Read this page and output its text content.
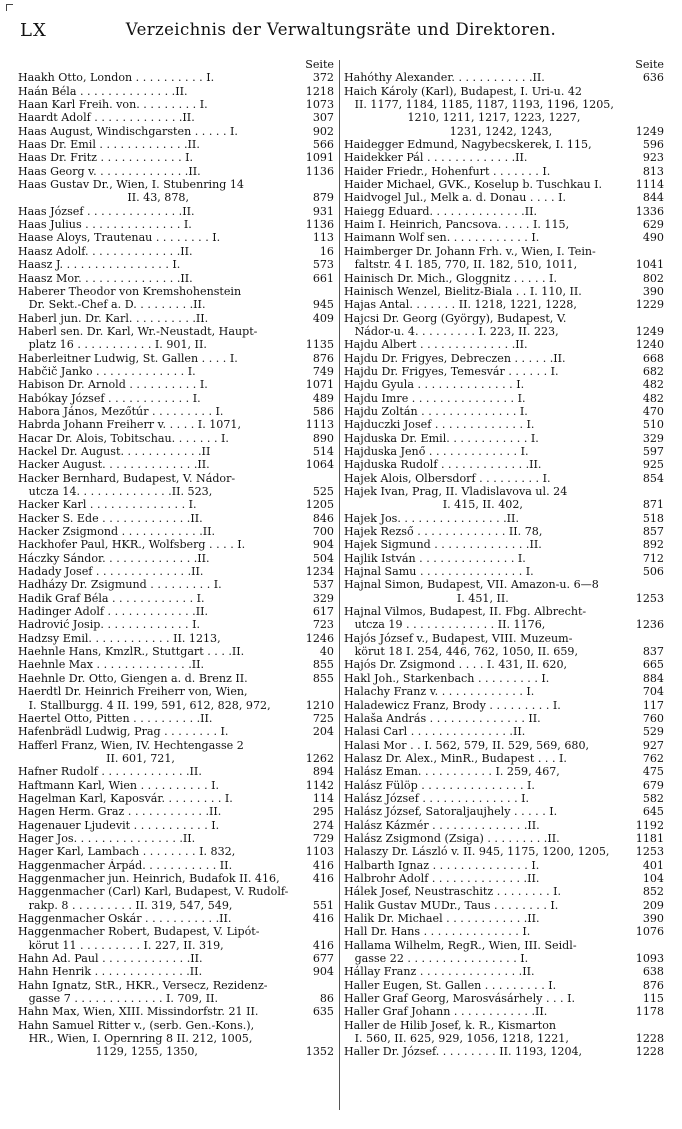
LX	Verzeichnis der Verwaltungsräte und Direktoren.
Seite
Haakh Otto, London . . . . . . . . . . I.	372
Haán Béla . . . . . . . . . . . . . .II.	1218
Haan Karl Freih. von. . . . . . . . . I.	1073
Haardt Adolf . . . . . . . . . . . . .II.	307
Haas August, Windischgarsten . . . . . I.	902
Haas Dr. Emil . . . . . . . . . . . . .II.	566
Haas Dr. Fritz . . . . . . . . . . . . I.	1091
Haas Georg v. . . . . . . . . . . . . .II.	1136
Haas Gustav Dr., Wien, I. Stubenring 14
II. 43, 878,	879
Haas József . . . . . . . . . . . . . .II.	931
Haas Julius . . . . . . . . . . . . . . I.	1136
Haase Aloys, Trautenau . . . . . . . . I.	113
Haasz Adolf. . . . . . . . . . . . . .II.	16
Haasz J. . . . . . . . . . . . . . . . I.	573
Haasz Mor. . . . . . . . . . . . . . .II.	661
Haberer Theodor von Kremshohenstein
Dr. Sekt.-Chef a. D. . . . . . . . .II.	945
Haberl jun. Dr. Karl. . . . . . . . . .II.	409
Haberl sen. Dr. Karl, Wr.-Neustadt, Haupt-
platz 16 . . . . . . . . . . . I. 901, II.	1135
Haberleitner Ludwig, St. Gallen . . . . I.	876
Habčič Janko . . . . . . . . . . . . . I.	749
Habison Dr. Arnold . . . . . . . . . . I.	1071
Habókay József . . . . . . . . . . . . I.	489
Habora János, Mezőtúr . . . . . . . . . I.	586
Habrda Johann Freiherr v. . . . . I. 1071,	1113
Hacar Dr. Alois, Tobitschau. . . . . . . I.	890
Hackel Dr. August. . . . . . . . . . . .II	514
Hacker August. . . . . . . . . . . . . .II.	1064
Hacker Bernhard, Budapest, V. Nádor-
utcza 14. . . . . . . . . . . . . .II. 523,	525
Hacker Karl . . . . . . . . . . . . . . I.	1205
Hacker S. Ede . . . . . . . . . . . . .II.	846
Hacker Zsigmond . . . . . . . . . . . .II.	700
Hackhofer Paul, HKR., Wolfsberg . . . . I.	904
Háczky Sándor. . . . . . . . . . . . . .II.	504
Hadady Josef . . . . . . . . . . . . . .II.	1234
Hadházy Dr. Zsigmund . . . . . . . . . I.	537
Hadik Graf Béla . . . . . . . . . . . . I.	329
Hadinger Adolf . . . . . . . . . . . . .II.	617
Hadrović Josip. . . . . . . . . . . . . I.	723
Hadzsy Emil. . . . . . . . . . . . II. 1213,	1246
Haehnle Hans, KmzlR., Stuttgart . . . .II.	40
Haehnle Max . . . . . . . . . . . . . .II.	855
Haehnle Dr. Otto, Giengen a. d. Brenz II.	855
Haerdtl Dr. Heinrich Freiherr von, Wien,
I. Stallburgg. 4 II. 199, 591, 612, 828, 972,	1210
Haertel Otto, Pitten . . . . . . . . . .II.	725
Hafenbrädl Ludwig, Prag . . . . . . . . I.	204
Hafferl Franz, Wien, IV. Hechtengasse 2
II. 601, 721,	1262
Hafner Rudolf . . . . . . . . . . . . .II.	894
Haftmann Karl, Wien . . . . . . . . . . I.	1142
Hagelman Karl, Kaposvár. . . . . . . . . I.	114
Hagen Herm. Graz . . . . . . . . . . . .II.	295
Hagenauer Ljudevit . . . . . . . . . . . I.	274
Hager Jos. . . . . . . . . . . . . . . .II.	729
Hager Karl, Lambach . . . . . . . . I. 832,	1103
Haggenmacher Árpád. . . . . . . . . . . II.	416
Haggenmacher jun. Heinrich, Budafok II. 416,	416
Haggenmacher (Carl) Karl, Budapest, V. Rudolf-
rakp. 8 . . . . . . . . . II. 319, 547, 549,	551
Haggenmacher Oskár . . . . . . . . . . .II.	416
Haggenmacher Robert, Budapest, V. Lipót-
körut 11 . . . . . . . . . I. 227, II. 319,	416
Hahn Ad. Paul . . . . . . . . . . . . .II.	677
Hahn Henrik . . . . . . . . . . . . . .II.	904
Hahn Ignatz, StR., HKR., Versecz, Rezidenz-
gasse 7 . . . . . . . . . . . . . I. 709, II.	86
Hahn Max, Wien, XIII. Missindorfstr. 21 II.	635
Hahn Samuel Ritter v., (serb. Gen.-Kons.),
HR., Wien, I. Opernring 8 II. 212, 1005,
1129, 1255, 1350,	1352
Seite
Hahóthy Alexander. . . . . . . . . . . .II.	636
Haich Károly (Karl), Budapest, I. Uri-u. 42
II. 1177, 1184, 1185, 1187, 1193, 1196, 1205,
1210, 1211, 1217, 1223, 1227,
1231, 1242, 1243,	1249
Haidegger Edmund, Nagybecskerek, I. 115,	596
Haidekker Pál . . . . . . . . . . . . .II.	923
Haider Friedr., Hohenfurt . . . . . . . I.	813
Haider Michael, GVK., Koselup b. Tuschkau I.	1114
Haidvogel Jul., Melk a. d. Donau . . . . I.	844
Haiegg Eduard. . . . . . . . . . . . . .II.	1336
Haim I. Heinrich, Pancsova. . . . . I. 115,	629
Haimann Wolf sen. . . . . . . . . . . . I.	490
Haimberger Dr. Johann Frh. v., Wien, I. Tein-
faltstr. 4 I. 185, 770, II. 182, 510, 1011,	1041
Hainisch Dr. Mich., Gloggnitz . . . . . I.	802
Hainisch Wenzel, Bielitz-Biala . . I. 110, II.	390
Hajas Antal. . . . . . . II. 1218, 1221, 1228,	1229
Hajcsi Dr. Georg (György), Budapest, V.
Nádor-u. 4. . . . . . . . . I. 223, II. 223,	1249
Hajdu Albert . . . . . . . . . . . . . .II.	1240
Hajdu Dr. Frigyes, Debreczen . . . . . .II.	668
Hajdu Dr. Frigyes, Temesvár . . . . . . I.	682
Hajdu Gyula . . . . . . . . . . . . . . I.	482
Hajdu Imre . . . . . . . . . . . . . . . I.	482
Hajdu Zoltán . . . . . . . . . . . . . . I.	470
Hajduczki Josef . . . . . . . . . . . . . I.	510
Hajduska Dr. Emil. . . . . . . . . . . . I.	329
Hajduska Jenő . . . . . . . . . . . . . I.	597
Hajduska Rudolf . . . . . . . . . . . . .II.	925
Hajek Alois, Olbersdorf . . . . . . . . . I.	854
Hajek Ivan, Prag, II. Vladislavova ul. 24
I. 415, II. 402,	871
Hajek Jos. . . . . . . . . . . . . . . .II.	518
Hajek Rezső . . . . . . . . . . . . . II. 78,	857
Hajek Sigmund . . . . . . . . . . . . . .II.	892
Hajlik István . . . . . . . . . . . . . . I.	712
Hajnal Samu . . . . . . . . . . . . . . . I.	506
Hajnal Simon, Budapest, VII. Amazon-u. 6—8
I. 451, II.	1253
Hajnal Vilmos, Budapest, II. Fbg. Albrecht-
utcza 19 . . . . . . . . . . . . . II. 1176,	1236
Hajós József v., Budapest, VIII. Muzeum-
körut 18 I. 254, 446, 762, 1050, II. 659,	837
Hajós Dr. Zsigmond . . . . I. 431, II. 620,	665
Hakl Joh., Starkenbach . . . . . . . . . I.	884
Halachy Franz v. . . . . . . . . . . . . I.	704
Haladewicz Franz, Brody . . . . . . . . . I.	117
Halaša András . . . . . . . . . . . . . . II.	760
Halasi Carl . . . . . . . . . . . . . . .II.	529
Halasi Mor . . I. 562, 579, II. 529, 569, 680,	927
Halasz Dr. Alex., MinR., Budapest . . . I.	762
Halász Eman. . . . . . . . . . . I. 259, 467,	475
Halász Fülöp . . . . . . . . . . . . . . . I.	679
Halász József . . . . . . . . . . . . . . I.	582
Halász József, Satoraljaujhely . . . . . I.	645
Halász Kázmér . . . . . . . . . . . . . .II.	1192
Halász Zsigmond (Zsiga) . . . . . . . . .II.	1181
Halaszy Dr. László v. II. 945, 1175, 1200, 1205,	1253
Halbarth Ignaz . . . . . . . . . . . . . . I.	401
Halbrohr Adolf . . . . . . . . . . . . . .II.	104
Hálek Josef, Neustraschitz . . . . . . . . I.	852
Halik Gustav MUDr., Taus . . . . . . . . I.	209
Halik Dr. Michael . . . . . . . . . . . .II.	390
Hall Dr. Hans . . . . . . . . . . . . . . I.	1076
Hallama Wilhelm, RegR., Wien, III. Seidl-
gasse 22 . . . . . . . . . . . . . . . . I.	1093
Hállay Franz . . . . . . . . . . . . . . .II.	638
Haller Eugen, St. Gallen . . . . . . . . . I.	876
Haller Graf Georg, Marosvásárhely . . . I.	115
Haller Graf Johann . . . . . . . . . . . .II.	1178
Haller de Hilib Josef, k. R., Kismarton
I. 560, II. 625, 929, 1056, 1218, 1221,	1228
Haller Dr. József. . . . . . . . . II. 1193, 1204,	1228
